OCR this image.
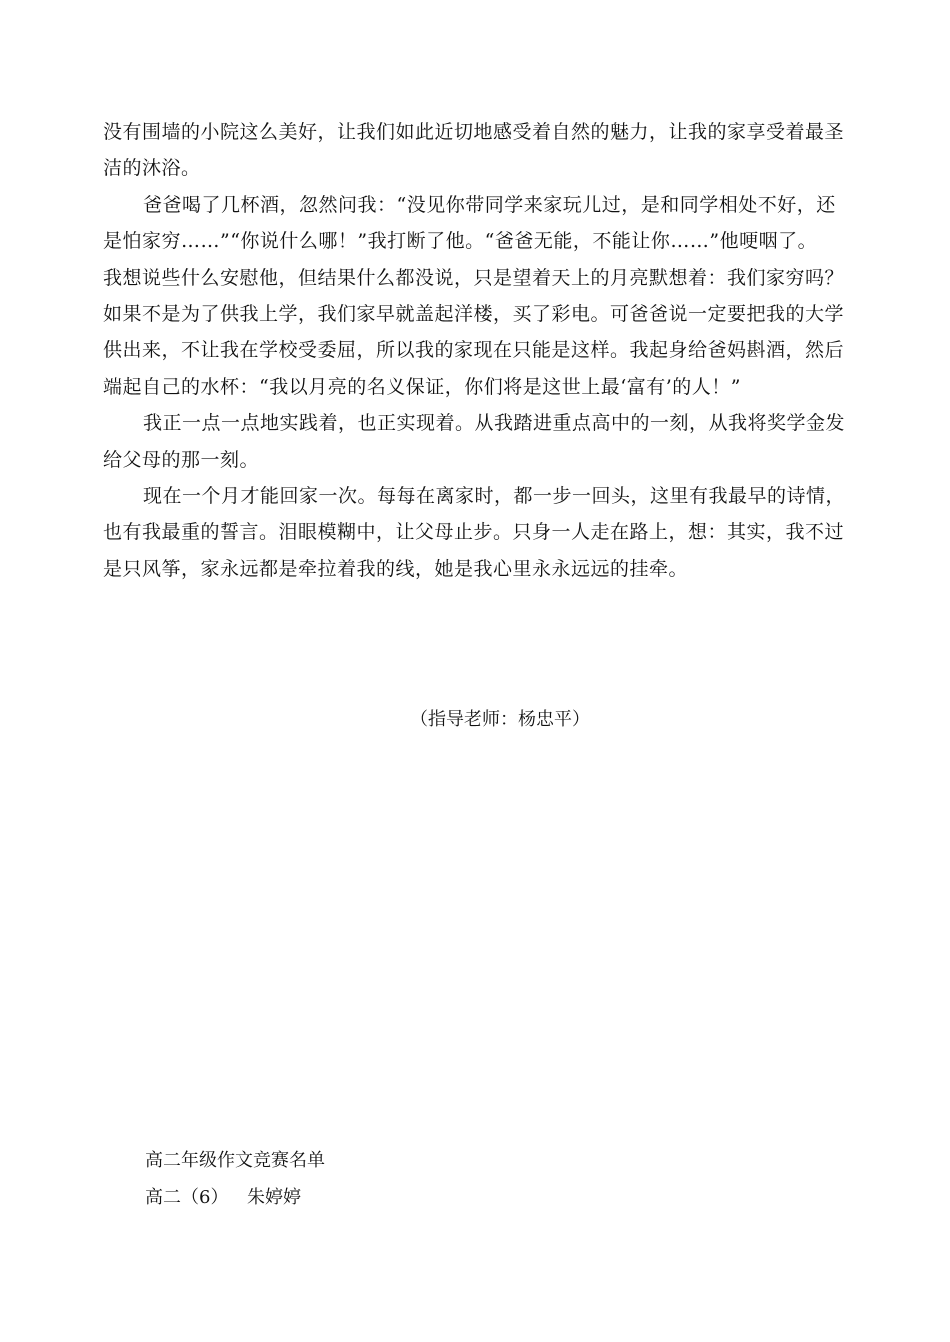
没有围墙的小院这么美好，让我们如此近切地感受着自然的魅力，让我的家享受着最圣
洁的沐浴。
爸爸喝了几杯酒，忽然问我：“没见你带同学来家玩儿过，是和同学相处不好，还
是怕家穷……”“你说什么哪！”我打断了他。“爸爸无能，不能让你……”他哽咽了。
我想说些什么安慰他，但结果什么都没说，只是望着天上的月亮默想着：我们家穷吗？
如果不是为了供我上学，我们家早就盖起洋楼，买了彩电。可爸爸说一定要把我的大学
供出来，不让我在学校受委屈，所以我的家现在只能是这样。我起身给爸妈斟酒，然后
端起自己的水杯：“我以月亮的名义保证，你们将是这世上最‘富有’的人！”
我正一点一点地实践着，也正实现着。从我踏进重点高中的一刻，从我将奖学金发
给父母的那一刻。
现在一个月才能回家一次。每每在离家时，都一步一回头，这里有我最早的诗情，
也有我最重的誓言。泪眼模糊中，让父母止步。只身一人走在路上，想：其实，我不过
是只风筝，家永远都是牵拉着我的线，她是我心里永永远远的挂牵。
（指导老师：杨忠平）
高二年级作文竞赛名单
高二（6） 朱婷婷
